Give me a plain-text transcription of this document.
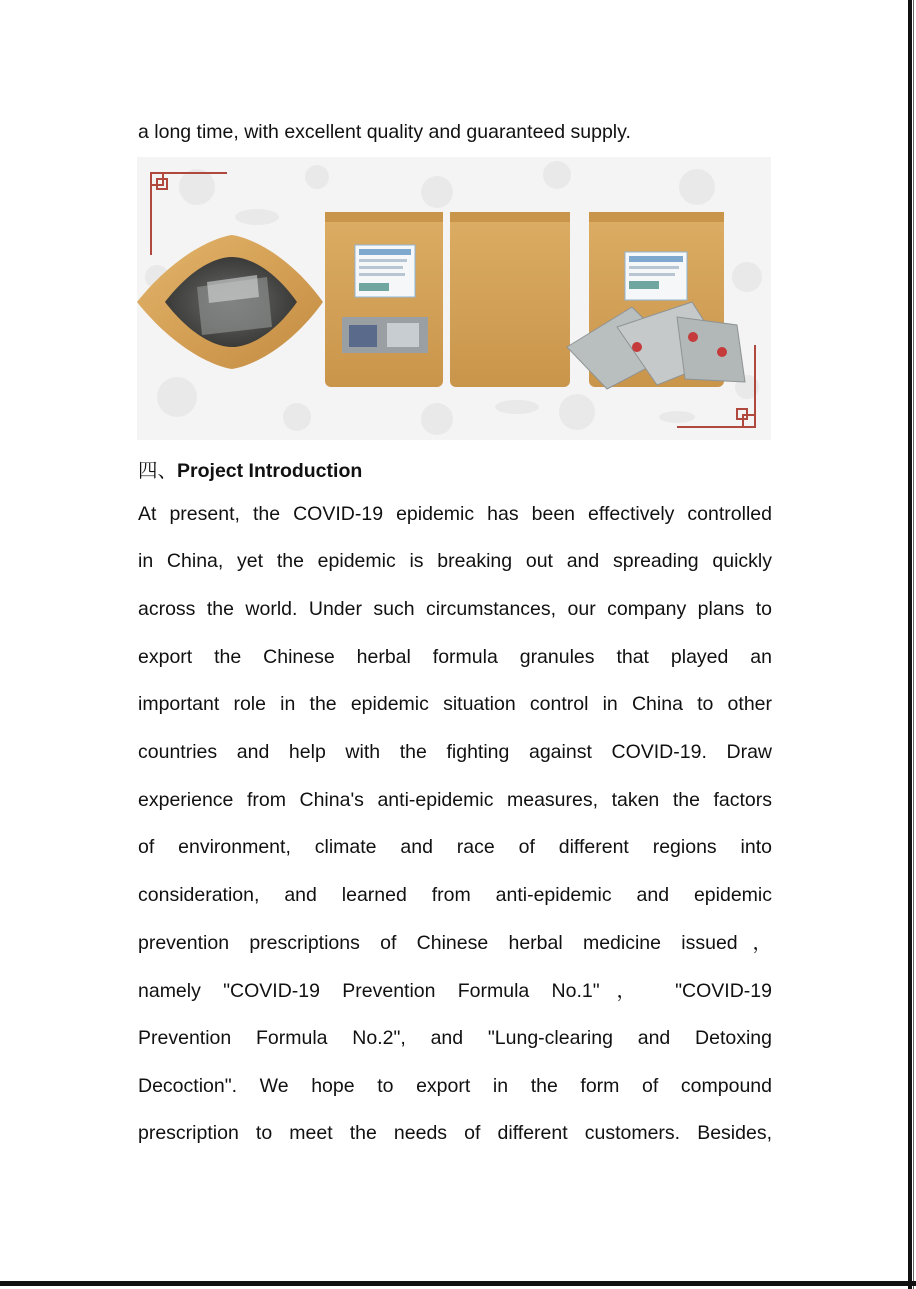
a long time, with excellent quality and guaranteed supply.
四、Project Introduction
At present, the COVID-19 epidemic has been effectively controlled
in China, yet the epidemic is breaking out and spreading quickly
across the world. Under such circumstances, our company plans to
export the Chinese herbal formula granules that played an
important role in the epidemic situation control in China to other
countries and help with the fighting against COVID-19. Draw
experience from China's anti-epidemic measures, taken the factors
of environment, climate and race of different regions into
consideration, and learned from anti-epidemic and epidemic
prevention prescriptions of Chinese herbal medicine issued，
namely "COVID-19 Prevention Formula No.1"， "COVID-19
Prevention Formula No.2", and "Lung-clearing and Detoxing
Decoction". We hope to export in the form of compound
prescription to meet the needs of different customers. Besides,
